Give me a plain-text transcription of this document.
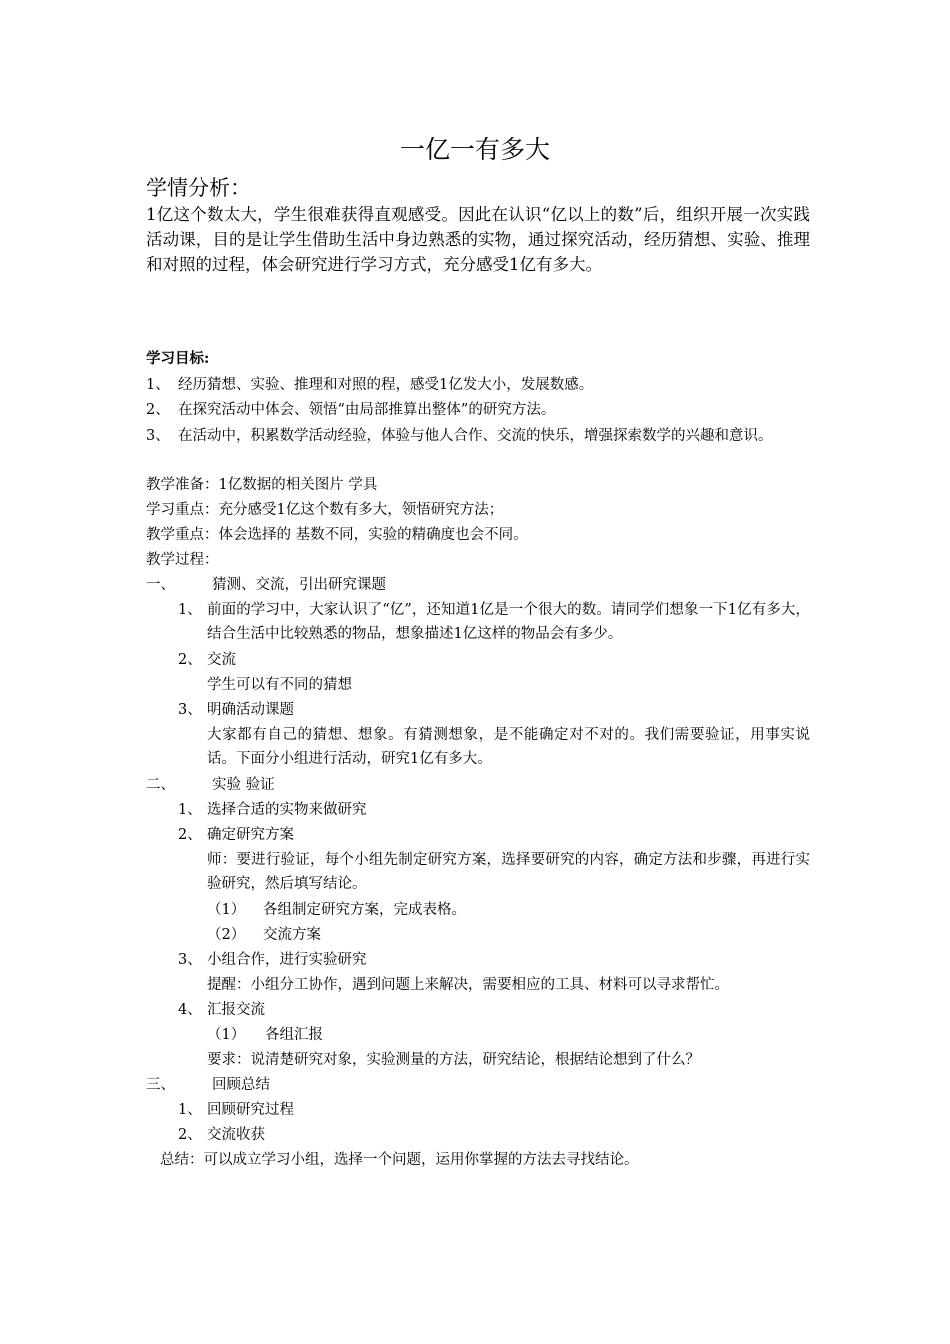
一亿一有多大
学情分析：
1亿这个数太大，学生很难获得直观感受。因此在认识“亿以上的数”后，组织开展一次实践活动课，目的是让学生借助生活中身边熟悉的实物，通过探究活动，经历猜想、实验、推理和对照的过程，体会研究进行学习方式，充分感受1亿有多大。
学习目标:
1、 经历猜想、实验、推理和对照的程，感受1亿发大小，发展数感。
2、 在探究活动中体会、领悟“由局部推算出整体”的研究方法。
3、 在活动中，积累数学活动经验，体验与他人合作、交流的快乐，增强探索数学的兴趣和意识。
教学准备：1亿数据的相关图片 学具
学习重点：充分感受1亿这个数有多大，领悟研究方法；
教学重点：体会选择的 基数不同，实验的精确度也会不同。
教学过程：
一、	猜测、交流，引出研究课题
1、 前面的学习中，大家认识了“亿”，还知道1亿是一个很大的数。请同学们想象一下1亿有多大，结合生活中比较熟悉的物品，想象描述1亿这样的物品会有多少。
2、 交流
学生可以有不同的猜想
3、 明确活动课题
大家都有自己的猜想、想象。有猜测想象，是不能确定对不对的。我们需要验证，用事实说话。下面分小组进行活动，研究1亿有多大。
二、	实验 验证
1、 选择合适的实物来做研究
2、 确定研究方案
师：要进行验证，每个小组先制定研究方案，选择要研究的内容，确定方法和步骤，再进行实验研究，然后填写结论。
（1） 各组制定研究方案，完成表格。
（2） 交流方案
3、 小组合作，进行实验研究
提醒：小组分工协作，遇到问题上来解决，需要相应的工具、材料可以寻求帮忙。
4、 汇报交流
（1） 各组汇报
要求：说清楚研究对象，实验测量的方法，研究结论，根据结论想到了什么？
三、	回顾总结
1、 回顾研究过程
2、 交流收获
总结：可以成立学习小组，选择一个问题，运用你掌握的方法去寻找结论。
